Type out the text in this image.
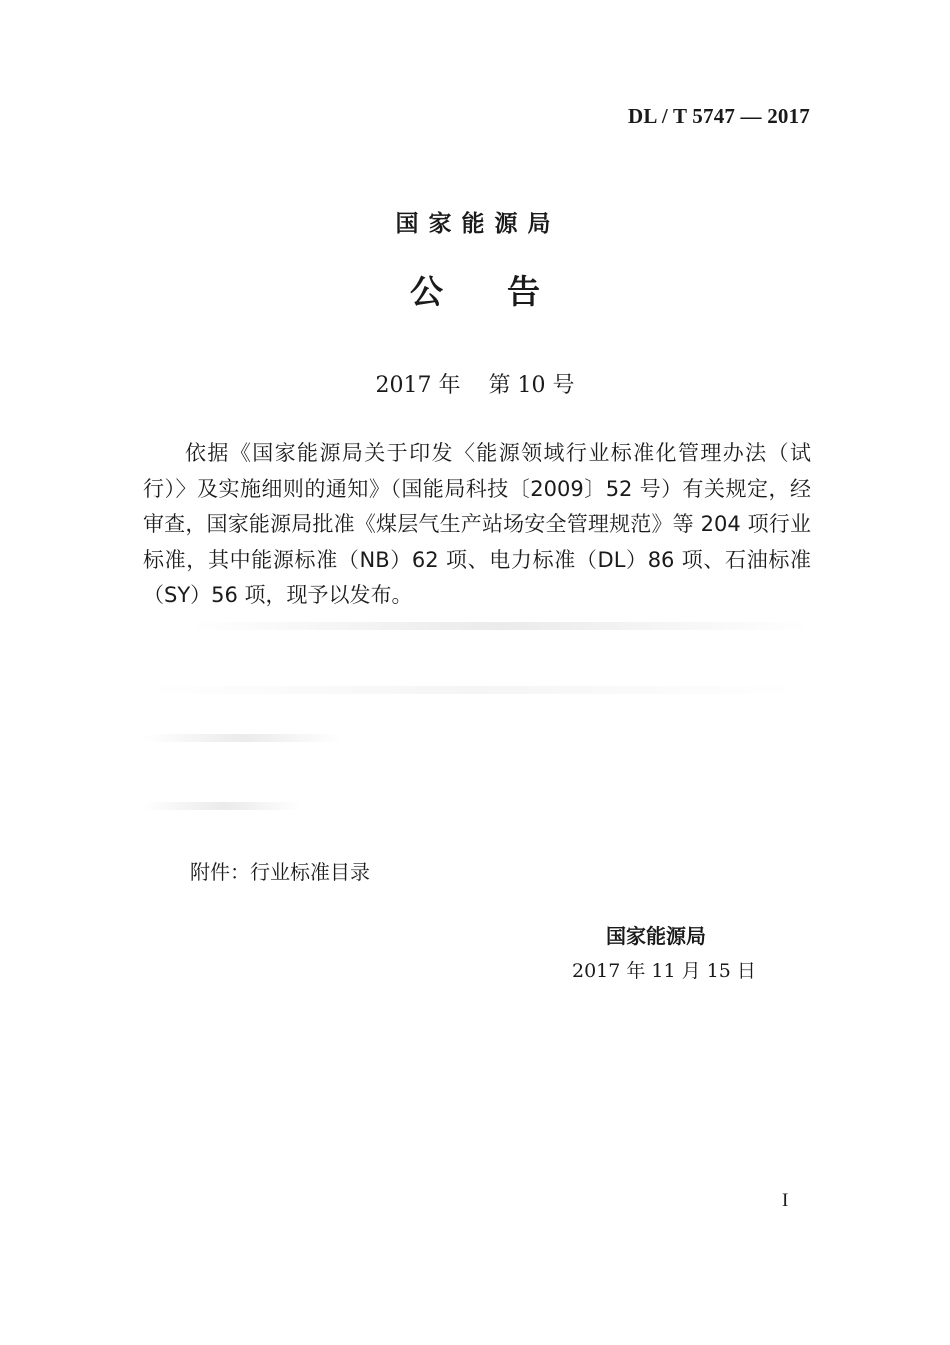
DL / T 5747 — 2017
国家能源局
公告
2017 年 第 10 号

依据《国家能源局关于印发〈能源领域行业标准化管理办法（试行）〉及实施细则的通知》（国能局科技〔2009〕52 号）有关规定，经审查，国家能源局批准《煤层气生产站场安全管理规范》等 204 项行业标准，其中能源标准（NB）62 项、电力标准（DL）86 项、石油标准（SY）56 项，现予以发布。

附件：行业标准目录
国家能源局
2017 年 11 月 15 日
I
